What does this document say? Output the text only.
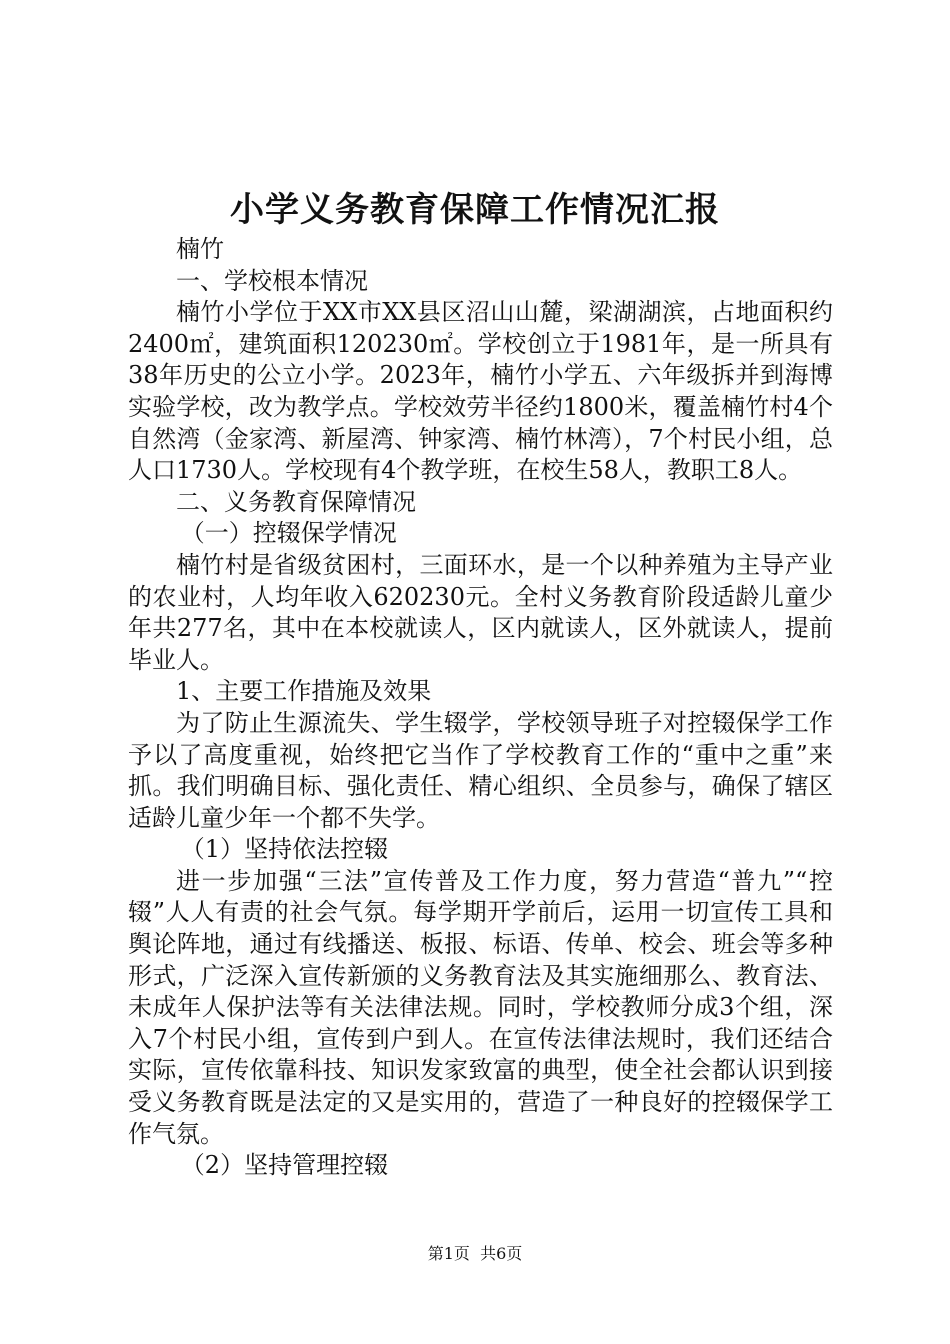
小学义务教育保障工作情况汇报

楠竹

一、学校根本情况

楠竹小学位于XX市XX县区沼山山麓，梁湖湖滨，占地面积约2400㎡，建筑面积120230㎡。学校创立于1981年，是一所具有38年历史的公立小学。2023年，楠竹小学五、六年级拆并到海博实验学校，改为教学点。学校效劳半径约1800米，覆盖楠竹村4个自然湾（金家湾、新屋湾、钟家湾、楠竹林湾），7个村民小组，总人口1730人。学校现有4个教学班，在校生58人，教职工8人。

二、义务教育保障情况

（一）控辍保学情况

楠竹村是省级贫困村，三面环水，是一个以种养殖为主导产业的农业村，人均年收入620230元。全村义务教育阶段适龄儿童少年共277名，其中在本校就读人，区内就读人，区外就读人，提前毕业人。

1、主要工作措施及效果

为了防止生源流失、学生辍学，学校领导班子对控辍保学工作予以了高度重视，始终把它当作了学校教育工作的“重中之重”来抓。我们明确目标、强化责任、精心组织、全员参与，确保了辖区适龄儿童少年一个都不失学。

（1）坚持依法控辍

进一步加强“三法”宣传普及工作力度，努力营造“普九”“控辍”人人有责的社会气氛。每学期开学前后，运用一切宣传工具和舆论阵地，通过有线播送、板报、标语、传单、校会、班会等多种形式，广泛深入宣传新颁的义务教育法及其实施细那么、教育法、未成年人保护法等有关法律法规。同时，学校教师分成3个组，深入7个村民小组，宣传到户到人。在宣传法律法规时，我们还结合实际，宣传依靠科技、知识发家致富的典型，使全社会都认识到接受义务教育既是法定的又是实用的，营造了一种良好的控辍保学工作气氛。

（2）坚持管理控辍

第1页 共6页
